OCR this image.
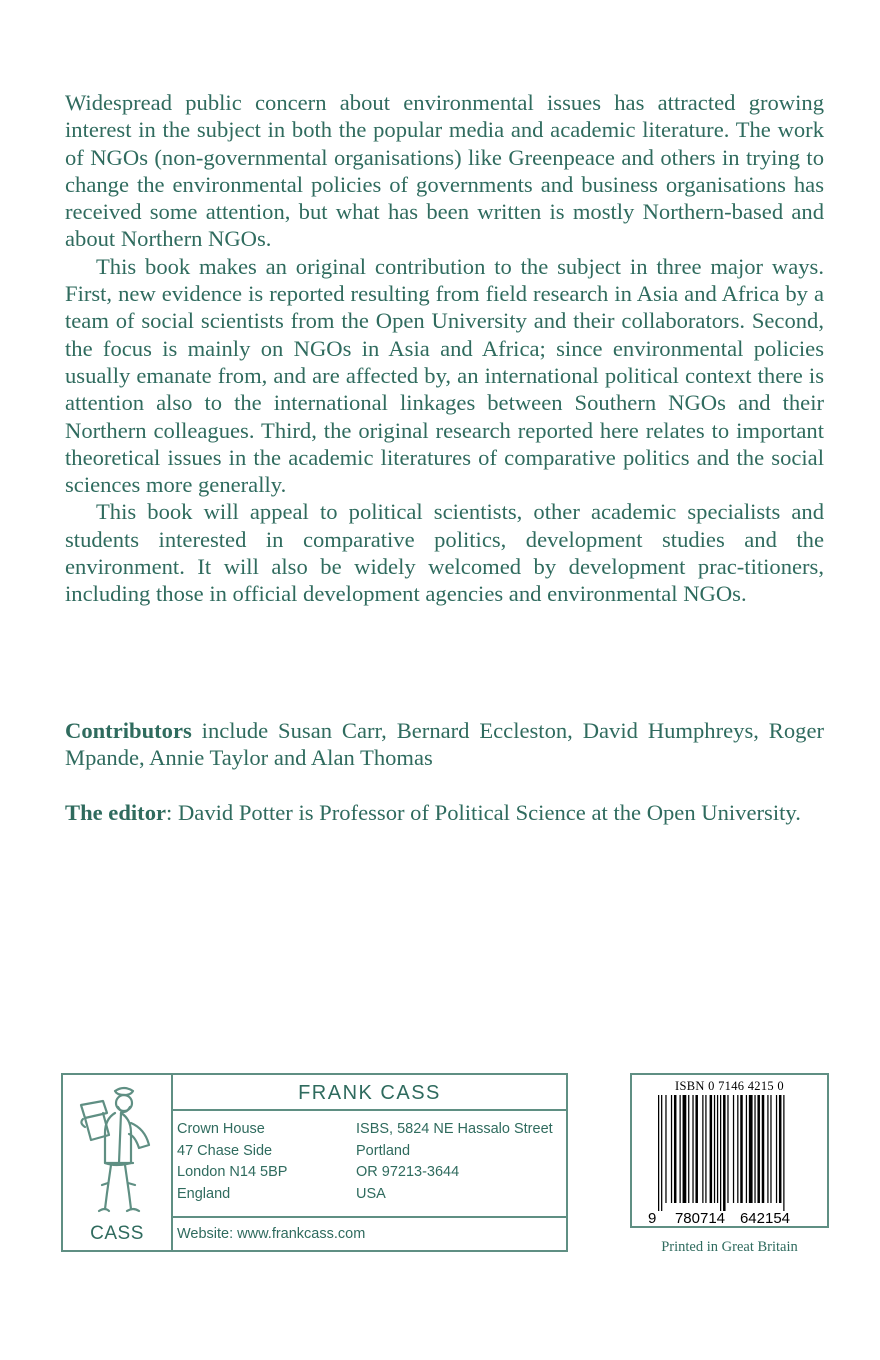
Widespread public concern about environmental issues has attracted growing interest in the subject in both the popular media and academic literature. The work of NGOs (non-governmental organisations) like Greenpeace and others in trying to change the environmental policies of governments and business organisations has received some attention, but what has been written is mostly Northern-based and about Northern NGOs.

This book makes an original contribution to the subject in three major ways. First, new evidence is reported resulting from field research in Asia and Africa by a team of social scientists from the Open University and their collaborators. Second, the focus is mainly on NGOs in Asia and Africa; since environmental policies usually emanate from, and are affected by, an international political context there is attention also to the international linkages between Southern NGOs and their Northern colleagues. Third, the original research reported here relates to important theoretical issues in the academic literatures of comparative politics and the social sciences more generally.

This book will appeal to political scientists, other academic specialists and students interested in comparative politics, development studies and the environment. It will also be widely welcomed by development prac-titioners, including those in official development agencies and environmental NGOs.

Contributors include Susan Carr, Bernard Eccleston, David Humphreys, Roger Mpande, Annie Taylor and Alan Thomas

The editor: David Potter is Professor of Political Science at the Open University.

CASS
FRANK CASS
Crown House
47 Chase Side
London N14 5BP
England
ISBS, 5824 NE Hassalo Street
Portland
OR 97213-3644
USA
Website: www.frankcass.com
ISBN 0 7146 4215 0
9 780714 642154
Printed in Great Britain
